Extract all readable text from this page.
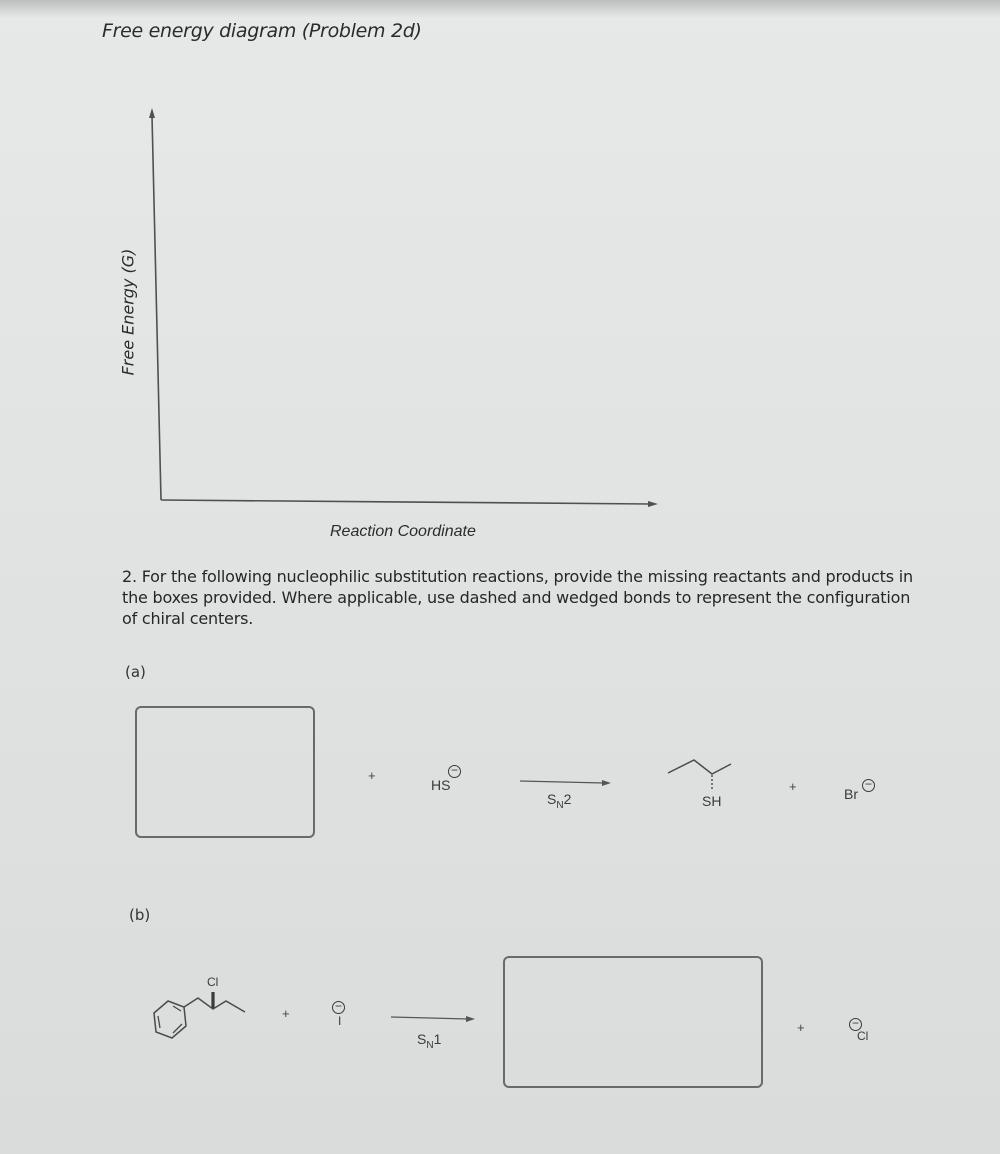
Free energy diagram (Problem 2d)
Free Energy (G)
Reaction Coordinate
2. For the following nucleophilic substitution reactions, provide the missing reactants and products in the boxes provided. Where applicable, use dashed and wedged bonds to represent the configuration of chiral centers.
(a)
+
HS
−
$S_N2$	SH
+	Br
−
(b)
Cl
+	−
I
$S_N1$
+	−
Cl
